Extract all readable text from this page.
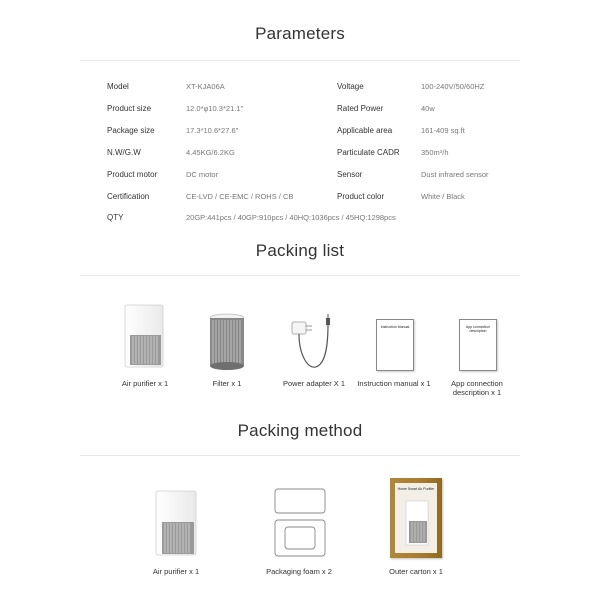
Parameters
Model	XT-KJA06A
Product size	12.0*φ10.3*21.1″
Package size	17.3*10.6*27.6″
N.W/G.W	4.45KG/6.2KG
Product motor	DC motor
Certification	CE-LVD / CE-EMC / ROHS / CB
QTY	20GP:441pcs / 40GP:910pcs / 40HQ:1036pcs / 45HQ:1298pcs
Voltage	100-240V/50/60HZ
Rated Power	40w
Applicable area	161-409 sq.ft
Particulate CADR	350m³/h
Sensor	Dust infrared sensor
Product color	White / Black
Packing list
Air purifier x 1	Filter x 1	Power adapter X 1
Instruction Manual
Instruction manual x 1
App connection description
App connection description x 1
Packing method
Air purifier x 1	Packaging foam x 2
Home Smart Air Purifier
Outer carton x 1
